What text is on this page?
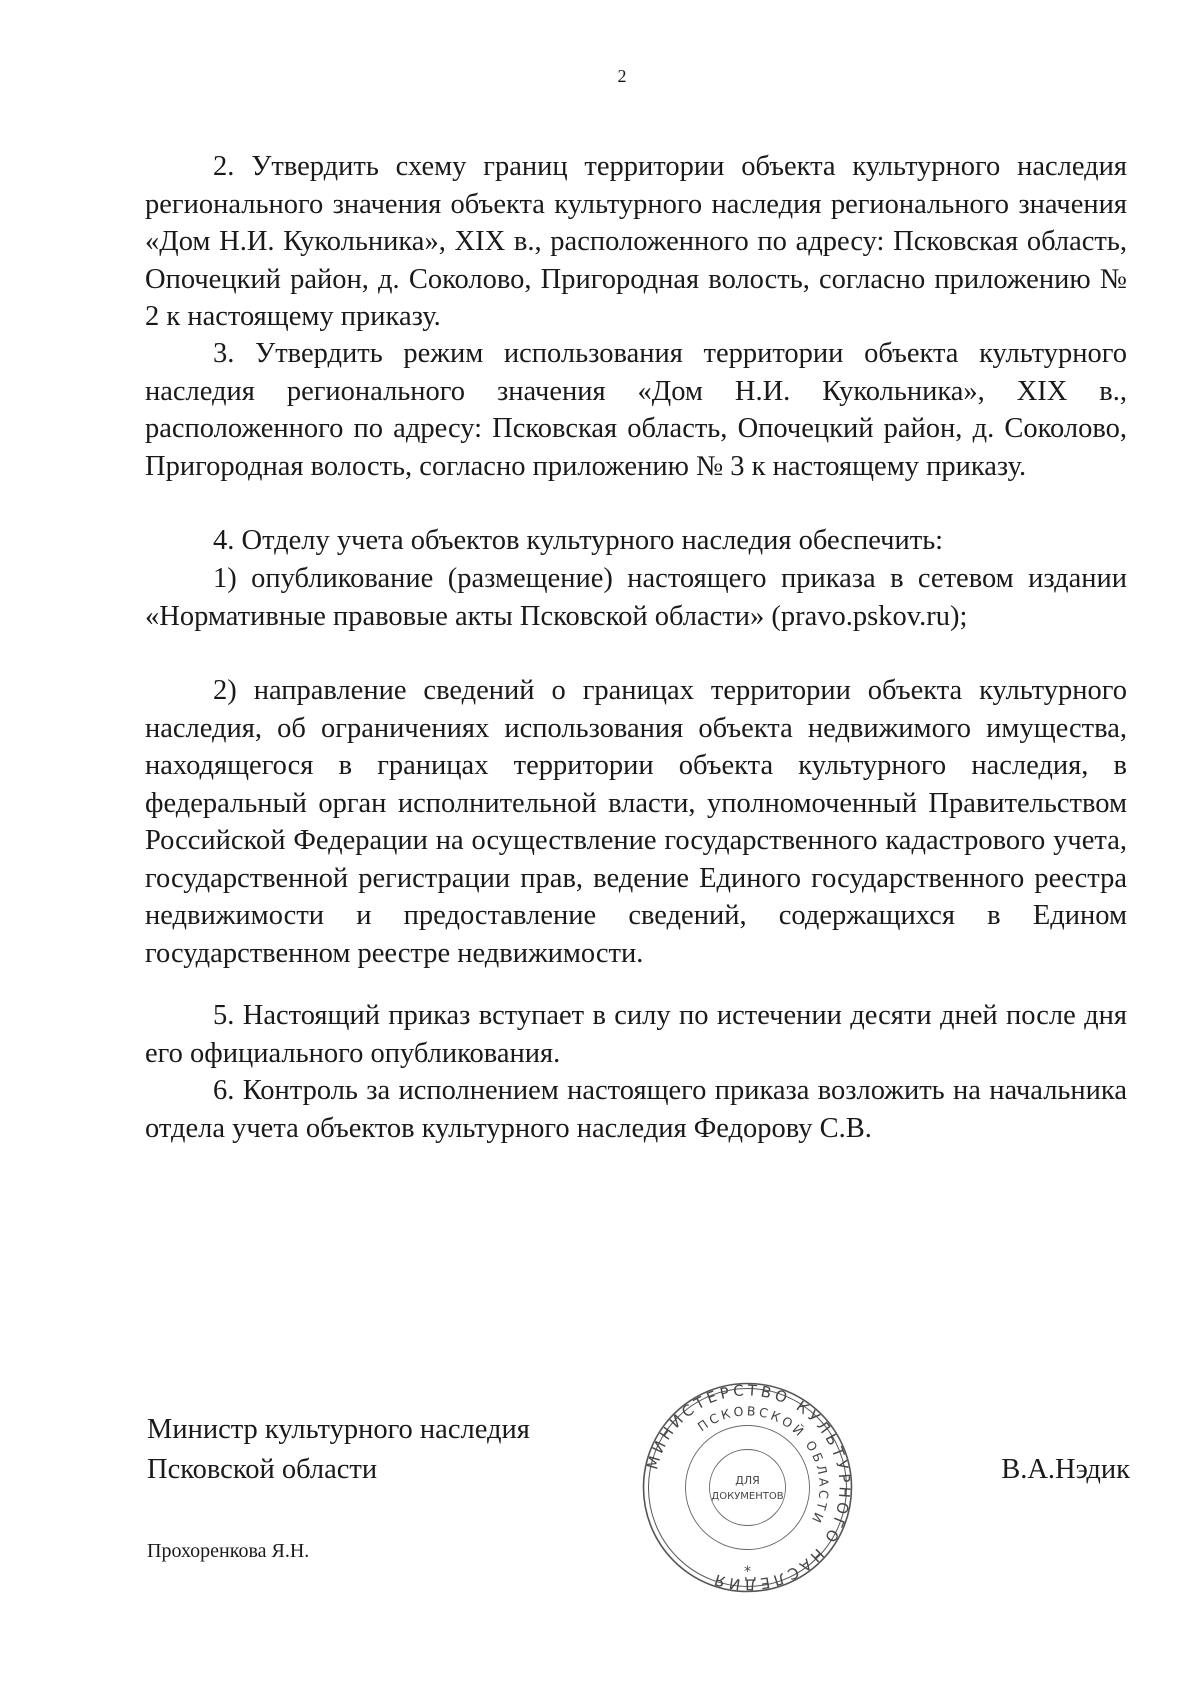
2

2. Утвердить схему границ территории объекта культурного наследия регионального значения объекта культурного наследия регионального значения «Дом Н.И. Кукольника», XIX в., расположенного по адресу: Псковская область, Опочецкий район, д. Соколово, Пригородная волость, согласно приложению № 2 к настоящему приказу.

3. Утвердить режим использования территории объекта культурного наследия регионального значения «Дом Н.И. Кукольника», XIX в., расположенного по адресу: Псковская область, Опочецкий район, д. Соколово, Пригородная волость, согласно приложению № 3 к настоящему приказу.

4. Отделу учета объектов культурного наследия обеспечить:

1) опубликование (размещение) настоящего приказа в сетевом издании «Нормативные правовые акты Псковской области» (pravo.pskov.ru);

2) направление сведений о границах территории объекта культурного наследия, об ограничениях использования объекта недвижимого имущества, находящегося в границах территории объекта культурного наследия, в федеральный орган исполнительной власти, уполномоченный Правительством Российской Федерации на осуществление государственного кадастрового учета, государственной регистрации прав, ведение Единого государственного реестра недвижимости и предоставление сведений, содержащихся в Едином государственном реестре недвижимости.

5. Настоящий приказ вступает в силу по истечении десяти дней после дня его официального опубликования.

6. Контроль за исполнением настоящего приказа возложить на начальника отдела учета объектов культурного наследия Федорову С.В.

Министр культурного наследия
Псковской области	МИНИСТЕРСТВО КУЛЬТУРНОГО НАСЛЕДИЯ
ПСКОВСКОЙ ОБЛАСТИ
ДЛЯ
ДОКУМЕНТОВ
*
В.А.Нэдик
Прохоренкова Я.Н.
